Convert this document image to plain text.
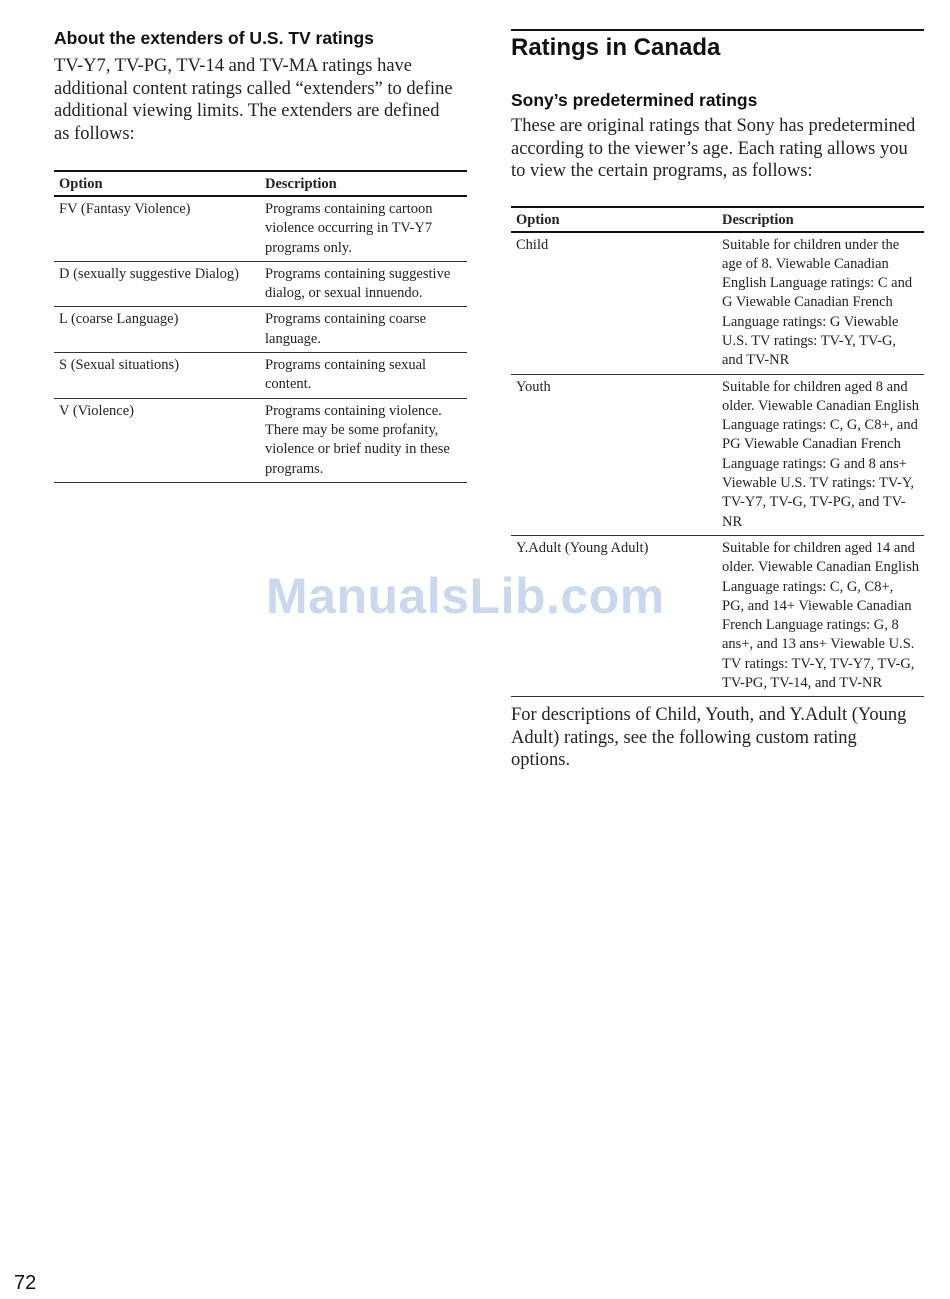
About the extenders of U.S. TV ratings

TV-Y7, TV-PG, TV-14 and TV-MA ratings have additional content ratings called “extenders” to define additional viewing limits. The extenders are defined as follows:

Option	Description
FV (Fantasy Violence)	Programs containing cartoon violence occurring in TV-Y7 programs only.
D (sexually suggestive Dialog)	Programs containing suggestive dialog, or sexual innuendo.
L (coarse Language)	Programs containing coarse language.
S (Sexual situations)	Programs containing sexual content.
V (Violence)	Programs containing violence. There may be some profanity, violence or brief nudity in these programs.
Ratings in Canada
Sony’s predetermined ratings

These are original ratings that Sony has predetermined according to the viewer’s age. Each rating allows you to view the certain programs, as follows:

Option	Description
Child	Suitable for children under the age of 8. Viewable Canadian English Language ratings: C and G Viewable Canadian French Language ratings: G Viewable U.S. TV ratings: TV-Y, TV-G, and TV-NR
Youth	Suitable for children aged 8 and older. Viewable Canadian English Language ratings: C, G, C8+, and PG Viewable Canadian French Language ratings: G and 8 ans+ Viewable U.S. TV ratings: TV-Y, TV-Y7, TV-G, TV-PG, and TV-NR
Y.Adult (Young Adult)	Suitable for children aged 14 and older. Viewable Canadian English Language ratings: C, G, C8+, PG, and 14+ Viewable Canadian French Language ratings: G, 8 ans+, and 13 ans+ Viewable U.S. TV ratings: TV-Y, TV-Y7, TV-G, TV-PG, TV-14, and TV-NR

For descriptions of Child, Youth, and Y.Adult (Young Adult) ratings, see the following custom rating options.

ManualsLib.com
72
